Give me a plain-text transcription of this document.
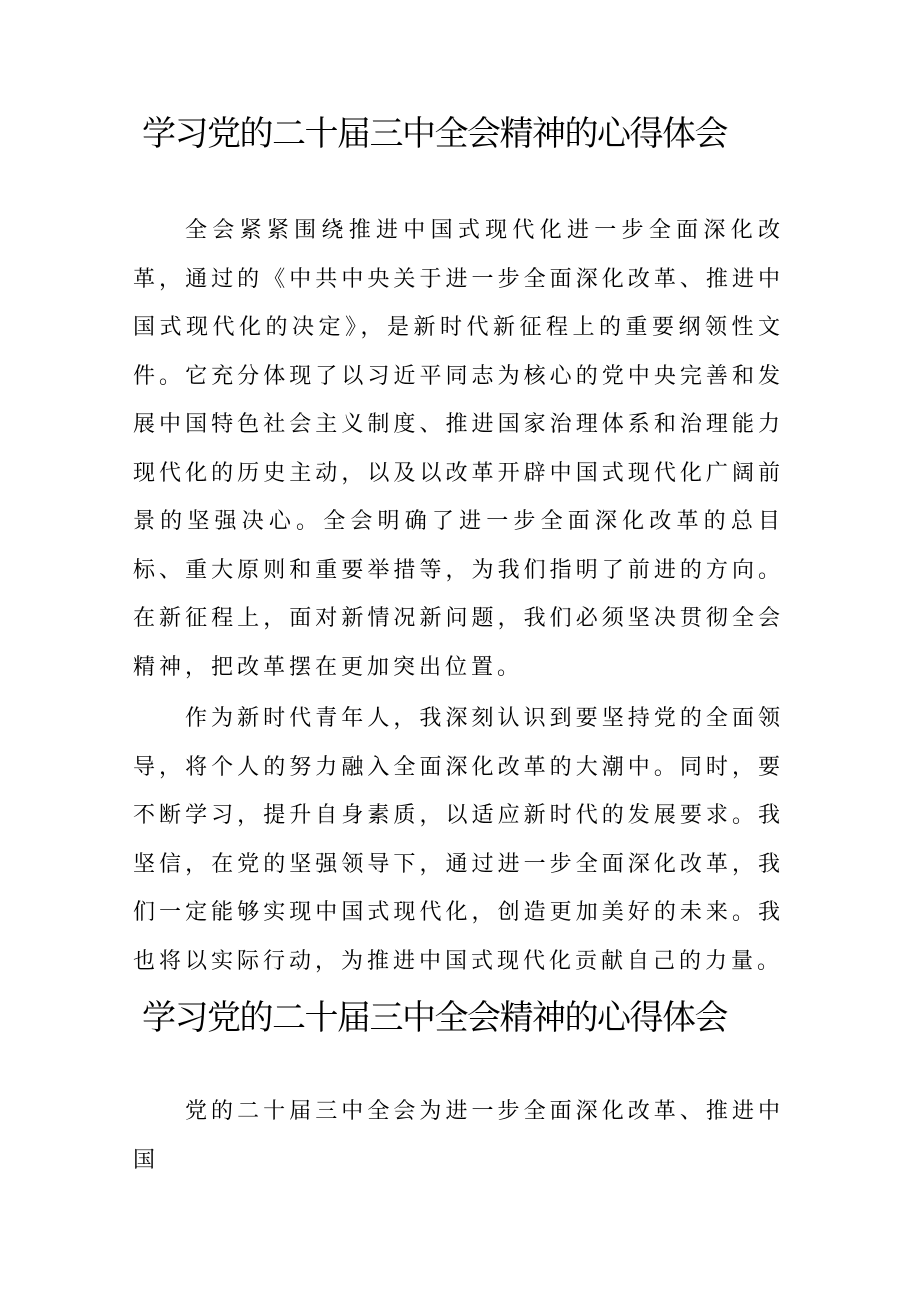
学习党的二十届三中全会精神的心得体会

全会紧紧围绕推进中国式现代化进一步全面深化改革，通过的《中共中央关于进一步全面深化改革、推进中国式现代化的决定》，是新时代新征程上的重要纲领性文件。它充分体现了以习近平同志为核心的党中央完善和发展中国特色社会主义制度、推进国家治理体系和治理能力现代化的历史主动，以及以改革开辟中国式现代化广阔前景的坚强决心。全会明确了进一步全面深化改革的总目标、重大原则和重要举措等，为我们指明了前进的方向。在新征程上，面对新情况新问题，我们必须坚决贯彻全会精神，把改革摆在更加突出位置。

作为新时代青年人，我深刻认识到要坚持党的全面领导，将个人的努力融入全面深化改革的大潮中。同时，要不断学习，提升自身素质，以适应新时代的发展要求。我坚信，在党的坚强领导下，通过进一步全面深化改革，我们一定能够实现中国式现代化，创造更加美好的未来。我也将以实际行动，为推进中国式现代化贡献自己的力量。

学习党的二十届三中全会精神的心得体会

党的二十届三中全会为进一步全面深化改革、推进中国
